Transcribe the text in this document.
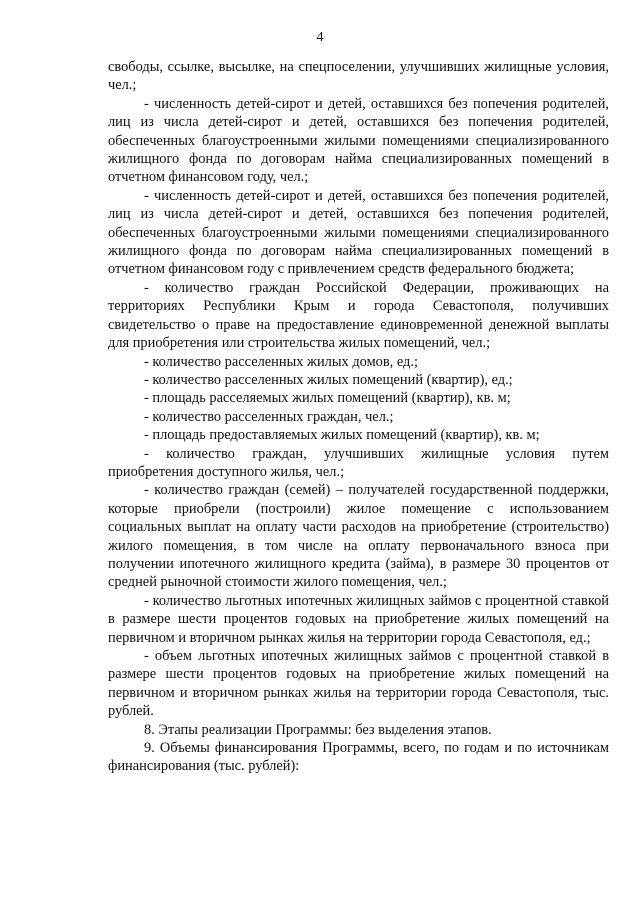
4

свободы, ссылке, высылке, на спецпоселении, улучшивших жилищные условия, чел.;

- численность детей-сирот и детей, оставшихся без попечения родителей, лиц из числа детей-сирот и детей, оставшихся без попечения родителей, обеспеченных благоустроенными жилыми помещениями специализированного жилищного фонда по договорам найма специализированных помещений в отчетном финансовом году, чел.;

- численность детей-сирот и детей, оставшихся без попечения родителей, лиц из числа детей-сирот и детей, оставшихся без попечения родителей, обеспеченных благоустроенными жилыми помещениями специализированного жилищного фонда по договорам найма специализированных помещений в отчетном финансовом году с привлечением средств федерального бюджета;

- количество граждан Российской Федерации, проживающих на территориях Республики Крым и города Севастополя, получивших свидетельство о праве на предоставление единовременной денежной выплаты для приобретения или строительства жилых помещений, чел.;

- количество расселенных жилых домов, ед.;

- количество расселенных жилых помещений (квартир), ед.;

- площадь расселяемых жилых помещений (квартир), кв. м;

- количество расселенных граждан, чел.;

- площадь предоставляемых жилых помещений (квартир), кв. м;

- количество граждан, улучшивших жилищные условия путем приобретения доступного жилья, чел.;

- количество граждан (семей) – получателей государственной поддержки, которые приобрели (построили) жилое помещение с использованием социальных выплат на оплату части расходов на приобретение (строительство) жилого помещения, в том числе на оплату первоначального взноса при получении ипотечного жилищного кредита (займа), в размере 30 процентов от средней рыночной стоимости жилого помещения, чел.;

- количество льготных ипотечных жилищных займов с процентной ставкой в размере шести процентов годовых на приобретение жилых помещений на первичном и вторичном рынках жилья на территории города Севастополя, ед.;

- объем льготных ипотечных жилищных займов с процентной ставкой в размере шести процентов годовых на приобретение жилых помещений на первичном и вторичном рынках жилья на территории города Севастополя, тыс. рублей.

8. Этапы реализации Программы: без выделения этапов.

9. Объемы финансирования Программы, всего, по годам и по источникам финансирования (тыс. рублей):
